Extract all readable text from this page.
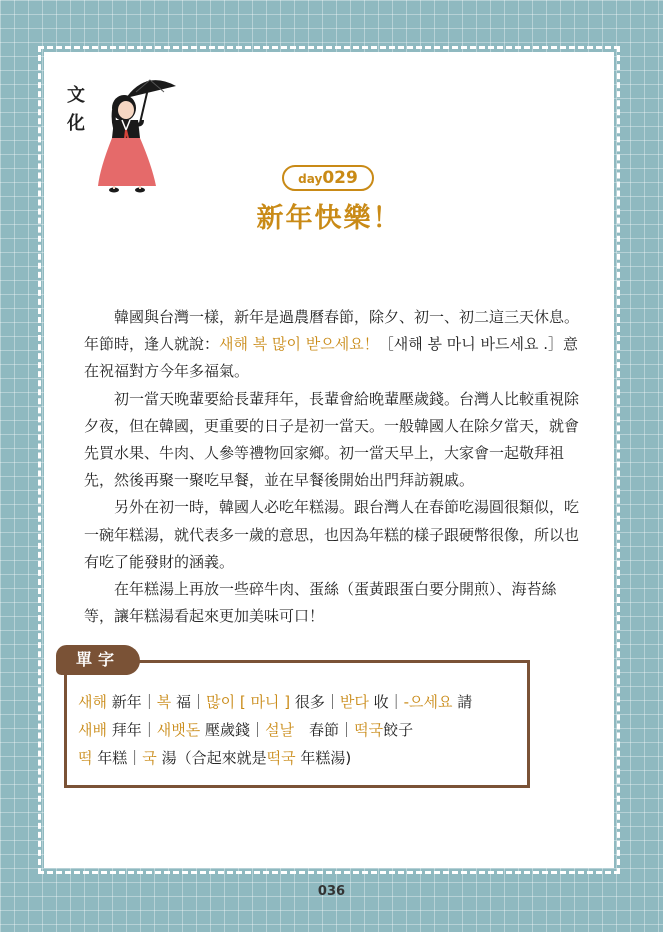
文
化
day029
新年快樂！

韓國與台灣一樣，新年是過農曆春節，除夕、初一、初二這三天休息。年節時，逢人就說：새해 복 많이 받으세요！［새해 봉 마니 바드세요 .］意在祝福對方今年多福氣。

初一當天晚輩要給長輩拜年，長輩會給晚輩壓歲錢。台灣人比較重視除夕夜，但在韓國，更重要的日子是初一當天。一般韓國人在除夕當天，就會先買水果、牛肉、人參等禮物回家鄉。初一當天早上，大家會一起敬拜祖先，然後再聚一聚吃早餐，並在早餐後開始出門拜訪親戚。

另外在初一時，韓國人必吃年糕湯。跟台灣人在春節吃湯圓很類似，吃一碗年糕湯，就代表多一歲的意思，也因為年糕的樣子跟硬幣很像，所以也有吃了能發財的涵義。

在年糕湯上再放一些碎牛肉、蛋絲（蛋黃跟蛋白要分開煎）、海苔絲等，讓年糕湯看起來更加美味可口！

單字
새해 新年｜복 福｜많이 [ 마니 ] 很多｜받다 收｜-으세요 請
새배 拜年｜새뱃돈 壓歲錢｜설날　春節｜떡국餃子
떡 年糕｜국 湯（合起來就是떡국 年糕湯)
036
